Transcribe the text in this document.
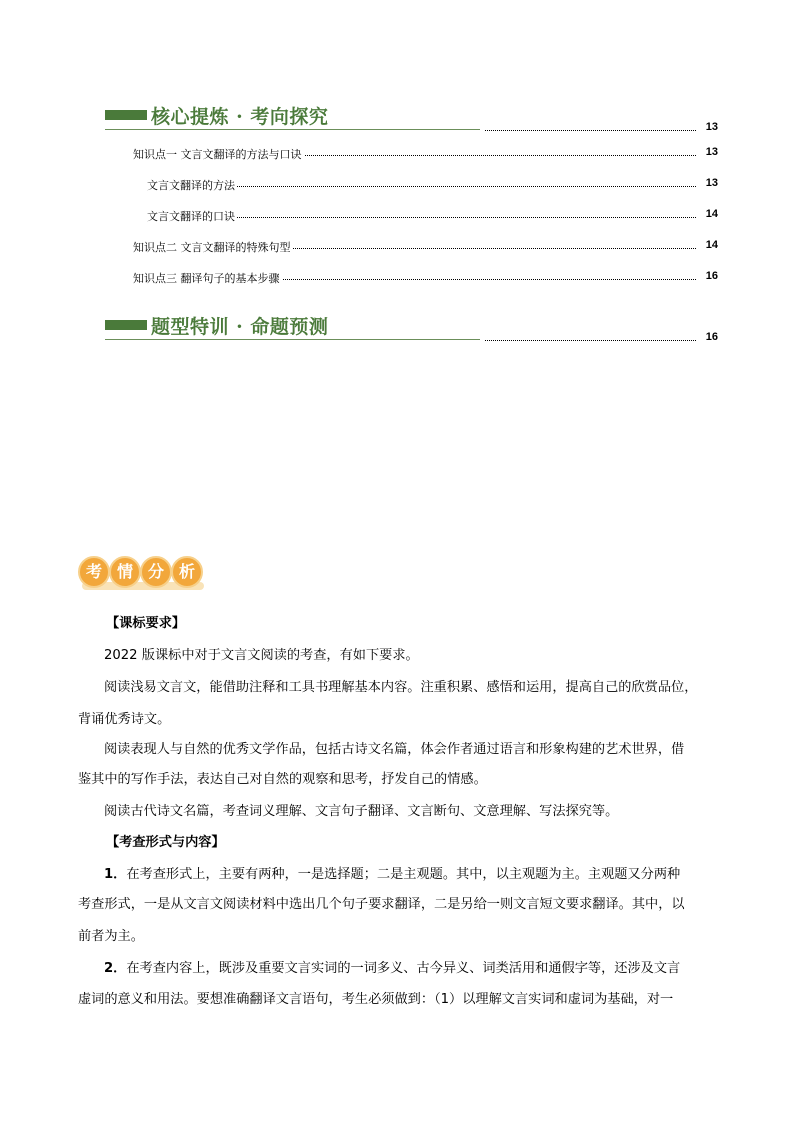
核心提炼 · 考向探究	13
13
知识点一 文言文翻译的方法与口诀
13
文言文翻译的方法
14
文言文翻译的口诀
14
知识点二 文言文翻译的特殊句型
16
知识点三 翻译句子的基本步骤
题型特训 · 命题预测	16
考 情 分 析
【课标要求】
2022 版课标中对于文言文阅读的考查，有如下要求。
阅读浅易文言文，能借助注释和工具书理解基本内容。注重积累、感悟和运用，提高自己的欣赏品位，
背诵优秀诗文。
阅读表现人与自然的优秀文学作品，包括古诗文名篇，体会作者通过语言和形象构建的艺术世界，借
鉴其中的写作手法，表达自己对自然的观察和思考，抒发自己的情感。
阅读古代诗文名篇，考查词义理解、文言句子翻译、文言断句、文意理解、写法探究等。
【考查形式与内容】
1．在考查形式上，主要有两种，一是选择题；二是主观题。其中，以主观题为主。主观题又分两种
考查形式，一是从文言文阅读材料中选出几个句子要求翻译，二是另给一则文言短文要求翻译。其中，以
前者为主。
2．在考查内容上，既涉及重要文言实词的一词多义、古今异义、词类活用和通假字等，还涉及文言
虚词的意义和用法。要想准确翻译文言语句，考生必须做到：（1）以理解文言实词和虚词为基础，对一
